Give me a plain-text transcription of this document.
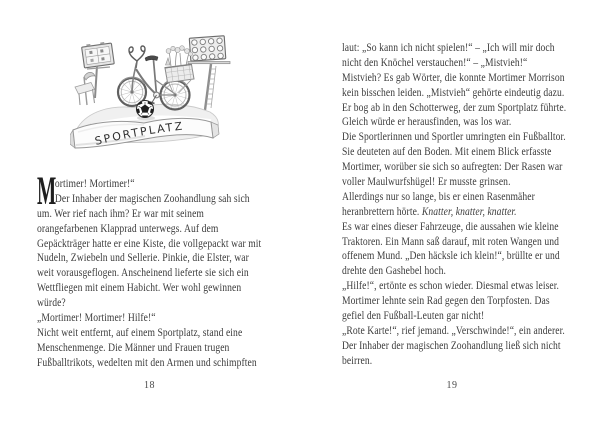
SPORTPLATZ
M
ortimer! Mortimer!“
Der Inhaber der magischen Zoohandlung sah sich
um. Wer rief nach ihm? Er war mit seinem
orangefarbenen Klapprad unterwegs. Auf dem
Gepäckträger hatte er eine Kiste, die vollgepackt war mit
Nudeln, Zwiebeln und Sellerie. Pinkie, die Elster, war
weit vorausgeflogen. Anscheinend lieferte sie sich ein
Wettfliegen mit einem Habicht. Wer wohl gewinnen
würde?
„Mortimer! Mortimer! Hilfe!“
Nicht weit entfernt, auf einem Sportplatz, stand eine
Menschenmenge. Die Männer und Frauen trugen
Fußballtrikots, wedelten mit den Armen und schimpften
18
laut: „So kann ich nicht spielen!“ – „Ich will mir doch
nicht den Knöchel verstauchen!“ – „Mistvieh!“
Mistvieh? Es gab Wörter, die konnte Mortimer Morrison
kein bisschen leiden. „Mistvieh“ gehörte eindeutig dazu.
Er bog ab in den Schotterweg, der zum Sportplatz führte.
Gleich würde er herausfinden, was los war.
Die Sportlerinnen und Sportler umringten ein Fußballtor.
Sie deuteten auf den Boden. Mit einem Blick erfasste
Mortimer, worüber sie sich so aufregten: Der Rasen war
voller Maulwurfshügel! Er musste grinsen.
Allerdings nur so lange, bis er einen Rasenmäher
heranbrettern hörte. Knatter, knatter, knatter.
Es war eines dieser Fahrzeuge, die aussahen wie kleine
Traktoren. Ein Mann saß darauf, mit roten Wangen und
offenem Mund. „Den häcksle ich klein!“, brüllte er und
drehte den Gashebel hoch.
„Hilfe!“, ertönte es schon wieder. Diesmal etwas leiser.
Mortimer lehnte sein Rad gegen den Torpfosten. Das
gefiel den Fußball-Leuten gar nicht!
„Rote Karte!“, rief jemand. „Verschwinde!“, ein anderer.
Der Inhaber der magischen Zoohandlung ließ sich nicht
beirren.
19
